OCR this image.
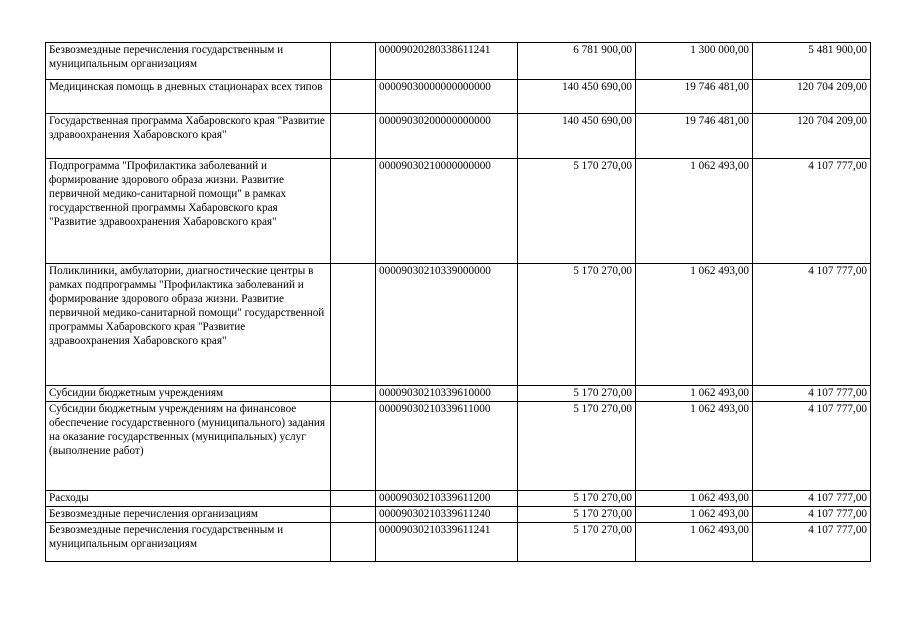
Безвозмездные перечисления государственным и муниципальным организациям		00009020280338611241	6 781 900,00	1 300 000,00	5 481 900,00
Медицинская помощь в дневных стационарах всех типов		00009030000000000000	140 450 690,00	19 746 481,00	120 704 209,00
Государственная программа Хабаровского края "Развитие здравоохранения Хабаровского края"		00009030200000000000	140 450 690,00	19 746 481,00	120 704 209,00
Подпрограмма "Профилактика заболеваний и формирование здорового образа жизни. Развитие первичной медико-санитарной помощи" в рамках государственной программы Хабаровского края "Развитие здравоохранения Хабаровского края"		00009030210000000000	5 170 270,00	1 062 493,00	4 107 777,00
Поликлиники, амбулатории, диагностические центры в рамках подпрограммы "Профилактика заболеваний и формирование здорового образа жизни. Развитие первичной медико-санитарной помощи" государственной программы Хабаровского края "Развитие здравоохранения Хабаровского края"		00009030210339000000	5 170 270,00	1 062 493,00	4 107 777,00
Субсидии бюджетным учреждениям		00009030210339610000	5 170 270,00	1 062 493,00	4 107 777,00
Субсидии бюджетным учреждениям на финансовое обеспечение государственного (муниципального) задания на оказание государственных (муниципальных) услуг (выполнение работ)		00009030210339611000	5 170 270,00	1 062 493,00	4 107 777,00
Расходы		00009030210339611200	5 170 270,00	1 062 493,00	4 107 777,00
Безвозмездные перечисления организациям		00009030210339611240	5 170 270,00	1 062 493,00	4 107 777,00
Безвозмездные перечисления государственным и муниципальным организациям		00009030210339611241	5 170 270,00	1 062 493,00	4 107 777,00
